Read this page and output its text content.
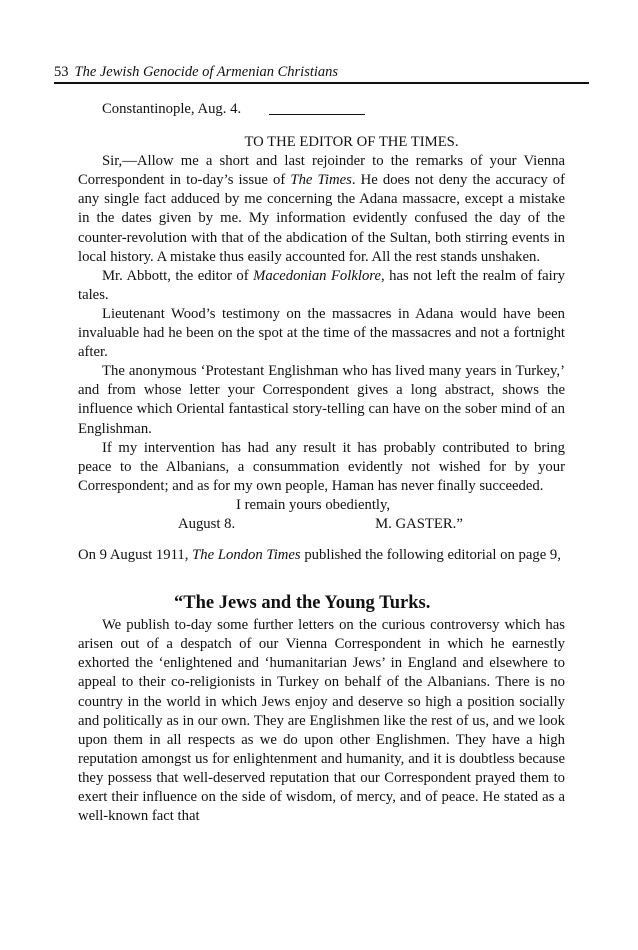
53 The Jewish Genocide of Armenian Christians

Constantinople, Aug. 4.

TO THE EDITOR OF THE TIMES.

Sir,—Allow me a short and last rejoinder to the remarks of your Vienna Correspondent in to-day’s issue of The Times. He does not deny the accuracy of any single fact adduced by me concerning the Adana massacre, except a mistake in the dates given by me. My information evidently confused the day of the counter-revolution with that of the abdication of the Sultan, both stirring events in local history. A mistake thus easily accounted for. All the rest stands unshaken.

Mr. Abbott, the editor of Macedonian Folklore, has not left the realm of fairy tales.

Lieutenant Wood’s testimony on the massacres in Adana would have been invaluable had he been on the spot at the time of the massacres and not a fortnight after.

The anonymous ‘Protestant Englishman who has lived many years in Turkey,’ and from whose letter your Correspondent gives a long abstract, shows the influence which Oriental fantastical story-telling can have on the sober mind of an Englishman.

If my intervention has had any result it has probably contributed to bring peace to the Albanians, a consummation evidently not wished for by your Correspondent; and as for my own people, Haman has never finally succeeded.

I remain yours obediently,

August 8.	M. GASTER.”

On 9 August 1911, The London Times published the following editorial on page 9,

“The Jews and the Young Turks.

We publish to-day some further letters on the curious controversy which has arisen out of a despatch of our Vienna Correspondent in which he earnestly exhorted the ‘enlightened and ‘humanitarian Jews’ in England and elsewhere to appeal to their co-religionists in Turkey on behalf of the Albanians. There is no country in the world in which Jews enjoy and deserve so high a position socially and politically as in our own. They are Englishmen like the rest of us, and we look upon them in all respects as we do upon other Englishmen. They have a high reputation amongst us for enlightenment and humanity, and it is doubtless because they possess that well-deserved reputation that our Correspondent prayed them to exert their influence on the side of wisdom, of mercy, and of peace. He stated as a well-known fact that
